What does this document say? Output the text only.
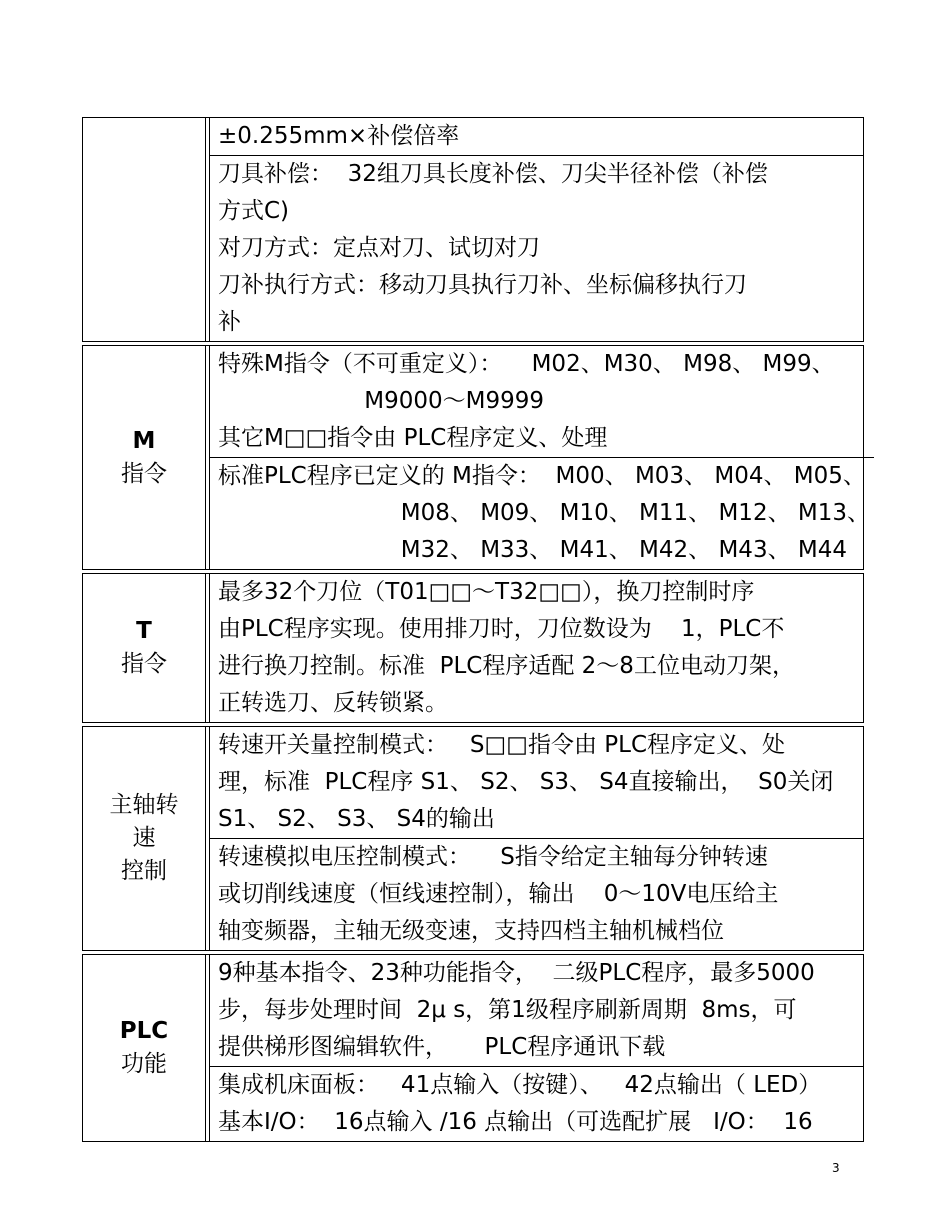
±0.255mm×补偿倍率
刀具补偿：  32组刀具长度补偿、刀尖半径补偿（补偿
方式C)
对刀方式：定点对刀、试切对刀
刀补执行方式：移动刀具执行刀补、坐标偏移执行刀
补
M
指令
特殊M指令（不可重定义）：    M02、M30、 M98、 M99、
M9000～M9999
其它M□□指令由 PLC程序定义、处理
标准PLC程序已定义的 M指令：  M00、 M03、 M04、 M05、
M08、 M09、 M10、 M11、 M12、 M13、
M32、 M33、 M41、 M42、 M43、 M44
T
指令
最多32个刀位（T01□□～T32□□），换刀控制时序
由PLC程序实现。使用排刀时，刀位数设为    1，PLC不
进行换刀控制。标准  PLC程序适配 2～8工位电动刀架，
正转选刀、反转锁紧。
主轴转
速
控制
转速开关量控制模式：   S□□指令由 PLC程序定义、处
理，标准  PLC程序 S1、 S2、 S3、 S4直接输出，  S0关闭
S1、 S2、 S3、 S4的输出
转速模拟电压控制模式：    S指令给定主轴每分钟转速
或切削线速度（恒线速控制），输出    0～10V电压给主
轴变频器，主轴无级变速，支持四档主轴机械档位
PLC
功能
9种基本指令、23种功能指令，  二级PLC程序，最多5000
步，每步处理时间  2μ s，第1级程序刷新周期  8ms，可
提供梯形图编辑软件，     PLC程序通讯下载
集成机床面板：   41点输入（按键）、   42点输出（ LED）
基本I/O：  16点输入 /16 点输出（可选配扩展   I/O：  16
3
